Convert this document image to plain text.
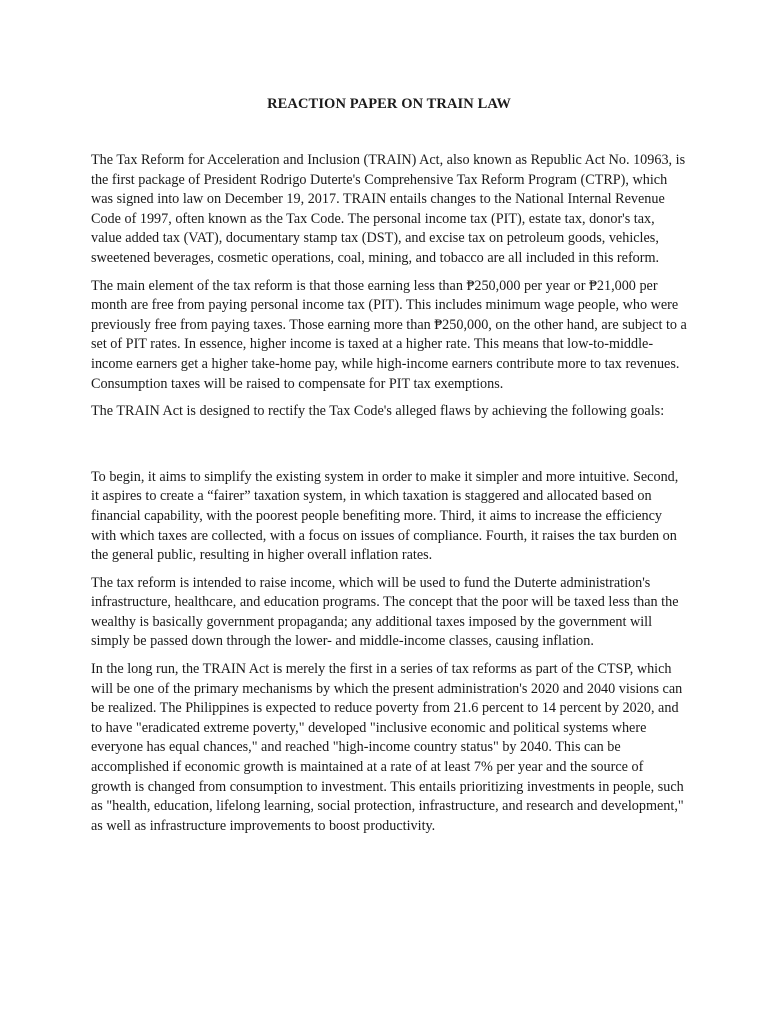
REACTION PAPER ON TRAIN LAW

The Tax Reform for Acceleration and Inclusion (TRAIN) Act, also known as Republic Act No. 10963, is the first package of President Rodrigo Duterte's Comprehensive Tax Reform Program (CTRP), which was signed into law on December 19, 2017. TRAIN entails changes to the National Internal Revenue Code of 1997, often known as the Tax Code. The personal income tax (PIT), estate tax, donor's tax, value added tax (VAT), documentary stamp tax (DST), and excise tax on petroleum goods, vehicles, sweetened beverages, cosmetic operations, coal, mining, and tobacco are all included in this reform.

The main element of the tax reform is that those earning less than ₱250,000 per year or ₱21,000 per month are free from paying personal income tax (PIT). This includes minimum wage people, who were previously free from paying taxes. Those earning more than ₱250,000, on the other hand, are subject to a set of PIT rates. In essence, higher income is taxed at a higher rate. This means that low-to-middle-income earners get a higher take-home pay, while high-income earners contribute more to tax revenues. Consumption taxes will be raised to compensate for PIT tax exemptions.

The TRAIN Act is designed to rectify the Tax Code's alleged flaws by achieving the following goals:

To begin, it aims to simplify the existing system in order to make it simpler and more intuitive. Second, it aspires to create a “fairer” taxation system, in which taxation is staggered and allocated based on financial capability, with the poorest people benefiting more. Third, it aims to increase the efficiency with which taxes are collected, with a focus on issues of compliance. Fourth, it raises the tax burden on the general public, resulting in higher overall inflation rates.

The tax reform is intended to raise income, which will be used to fund the Duterte administration's infrastructure, healthcare, and education programs. The concept that the poor will be taxed less than the wealthy is basically government propaganda; any additional taxes imposed by the government will simply be passed down through the lower- and middle-income classes, causing inflation.

In the long run, the TRAIN Act is merely the first in a series of tax reforms as part of the CTSP, which will be one of the primary mechanisms by which the present administration's 2020 and 2040 visions can be realized. The Philippines is expected to reduce poverty from 21.6 percent to 14 percent by 2020, and to have "eradicated extreme poverty," developed "inclusive economic and political systems where everyone has equal chances," and reached "high-income country status" by 2040. This can be accomplished if economic growth is maintained at a rate of at least 7% per year and the source of growth is changed from consumption to investment. This entails prioritizing investments in people, such as "health, education, lifelong learning, social protection, infrastructure, and research and development," as well as infrastructure improvements to boost productivity.
